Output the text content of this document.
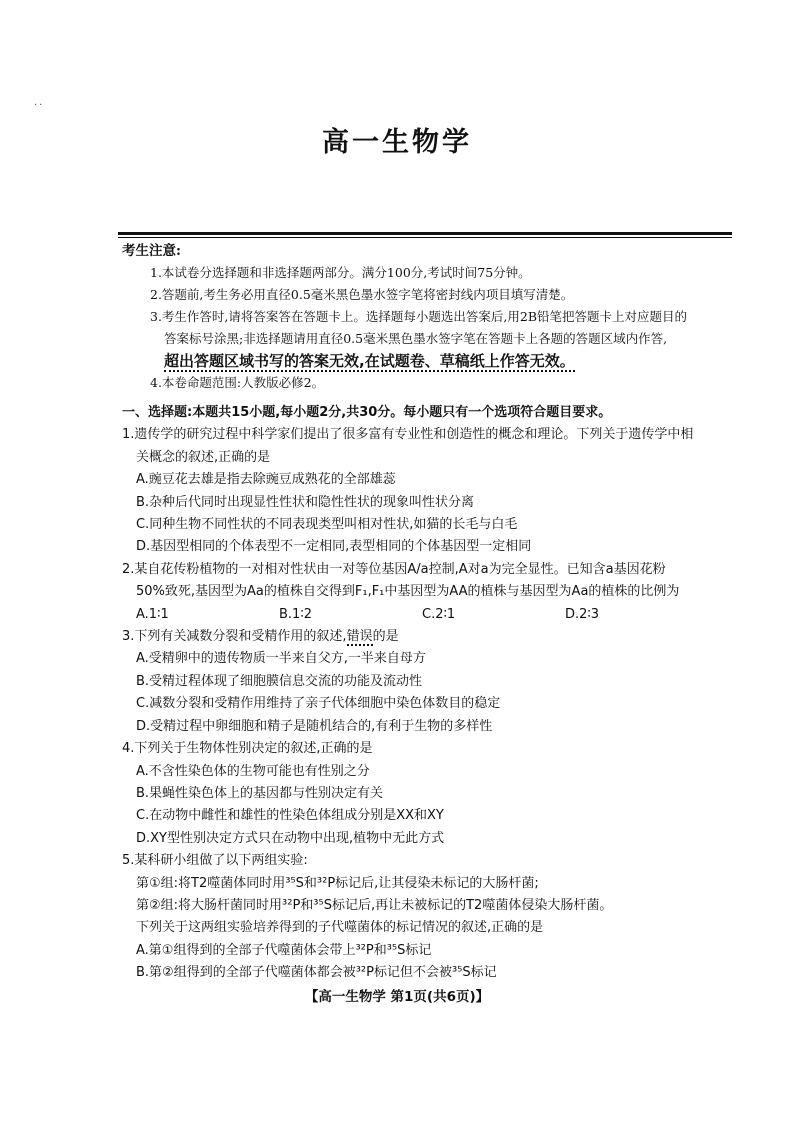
··
高一生物学
考生注意:
1.本试卷分选择题和非选择题两部分。满分100分,考试时间75分钟。
2.答题前,考生务必用直径0.5毫米黑色墨水签字笔将密封线内项目填写清楚。
3.考生作答时,请将答案答在答题卡上。选择题每小题选出答案后,用2B铅笔把答题卡上对应题目的
答案标号涂黑;非选择题请用直径0.5毫米黑色墨水签字笔在答题卡上各题的答题区域内作答,
超出答题区域书写的答案无效,在试题卷、草稿纸上作答无效。
4.本卷命题范围:人教版必修2。
一、选择题:本题共15小题,每小题2分,共30分。每小题只有一个选项符合题目要求。
1.遗传学的研究过程中科学家们提出了很多富有专业性和创造性的概念和理论。下列关于遗传学中相
关概念的叙述,正确的是
A.豌豆花去雄是指去除豌豆成熟花的全部雄蕊
B.杂种后代同时出现显性性状和隐性性状的现象叫性状分离
C.同种生物不同性状的不同表现类型叫相对性状,如猫的长毛与白毛
D.基因型相同的个体表型不一定相同,表型相同的个体基因型一定相同
2.某自花传粉植物的一对相对性状由一对等位基因A/a控制,A对a为完全显性。已知含a基因花粉
50%致死,基因型为Aa的植株自交得到F₁,F₁中基因型为AA的植株与基因型为Aa的植株的比例为
A.1∶1	B.1∶2	C.2∶1	D.2∶3
3.下列有关减数分裂和受精作用的叙述,错误的是
A.受精卵中的遗传物质一半来自父方,一半来自母方
B.受精过程体现了细胞膜信息交流的功能及流动性
C.减数分裂和受精作用维持了亲子代体细胞中染色体数目的稳定
D.受精过程中卵细胞和精子是随机结合的,有利于生物的多样性
4.下列关于生物体性别决定的叙述,正确的是
A.不含性染色体的生物可能也有性别之分
B.果蝇性染色体上的基因都与性别决定有关
C.在动物中雌性和雄性的性染色体组成分别是XX和XY
D.XY型性别决定方式只在动物中出现,植物中无此方式
5.某科研小组做了以下两组实验:
第①组:将T2噬菌体同时用³⁵S和³²P标记后,让其侵染未标记的大肠杆菌;
第②组:将大肠杆菌同时用³²P和³⁵S标记后,再让未被标记的T2噬菌体侵染大肠杆菌。
下列关于这两组实验培养得到的子代噬菌体的标记情况的叙述,正确的是
A.第①组得到的全部子代噬菌体会带上³²P和³⁵S标记
B.第②组得到的全部子代噬菌体都会被³²P标记但不会被³⁵S标记
【高一生物学 第1页(共6页)】
